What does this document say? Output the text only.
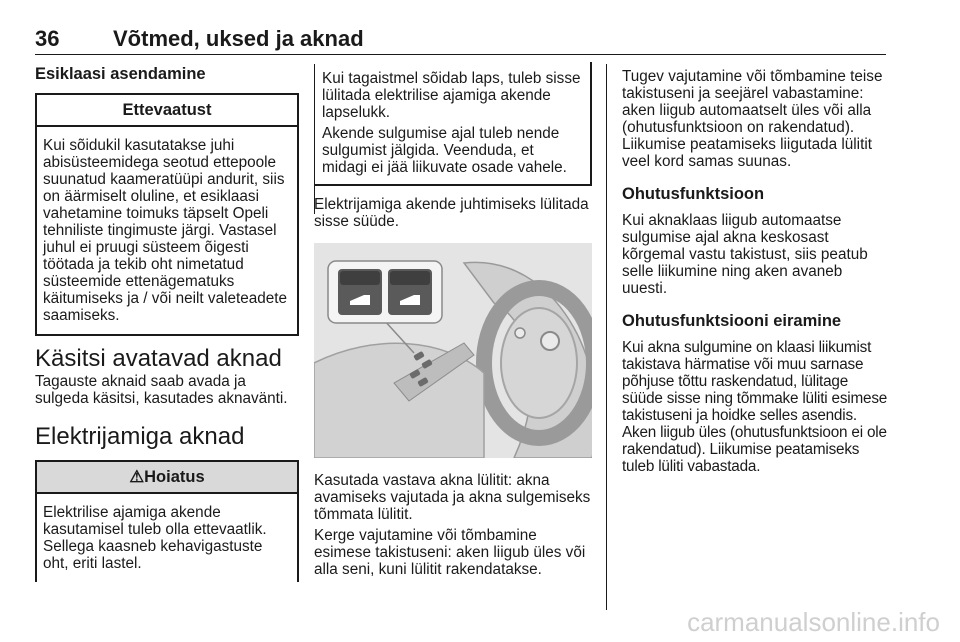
36 Võtmed, uksed ja aknad

Esiklaasi asendamine

Ettevaatust
Kui sõidukil kasutatakse juhi abisüsteemidega seotud ettepoole suunatud kaameratüüpi andurit, siis on äärmiselt oluline, et esiklaasi vahetamine toimuks täpselt Opeli tehniliste tingimuste järgi. Vastasel juhul ei pruugi süsteem õigesti töötada ja tekib oht nimetatud süsteemide ettenägematuks käitumiseks ja / või neilt valeteadete saamiseks.

Käsitsi avatavad aknad

Tagauste aknaid saab avada ja sulgeda käsitsi, kasutades aknavänti.

Elektrijamiga aknad

⚠Hoiatus
Elektrilise ajamiga akende kasutamisel tuleb olla ettevaatlik. Sellega kaasneb kehavigastuste oht, eriti lastel.

Kui tagaistmel sõidab laps, tuleb sisse lülitada elektrilise ajamiga akende lapselukk.

Akende sulgumise ajal tuleb nende sulgumist jälgida. Veenduda, et midagi ei jää liikuvate osade vahele.

Elektrijamiga akende juhtimiseks lülitada sisse süüde.

Kasutada vastava akna lülitit: akna avamiseks vajutada ja akna sulgemiseks tõmmata lülitit.

Kerge vajutamine või tõmbamine esimese takistuseni: aken liigub üles või alla seni, kuni lülitit rakendatakse.

Tugev vajutamine või tõmbamine teise takistuseni ja seejärel vabastamine: aken liigub automaatselt üles või alla (ohutusfunktsioon on rakendatud). Liikumise peatamiseks liigutada lülitit veel kord samas suunas.

Ohutusfunktsioon

Kui aknaklaas liigub automaatse sulgumise ajal akna keskosast kõrgemal vastu takistust, siis peatub selle liikumine ning aken avaneb uuesti.

Ohutusfunktsiooni eiramine

Kui akna sulgumine on klaasi liikumist takistava härmatise või muu sarnase põhjuse tõttu raskendatud, lülitage süüde sisse ning tõmmake lüliti esimese takistuseni ja hoidke selles asendis. Aken liigub üles (ohutusfunktsioon ei ole rakendatud). Liikumise peatamiseks tuleb lüliti vabastada.

carmanualsonline.info
